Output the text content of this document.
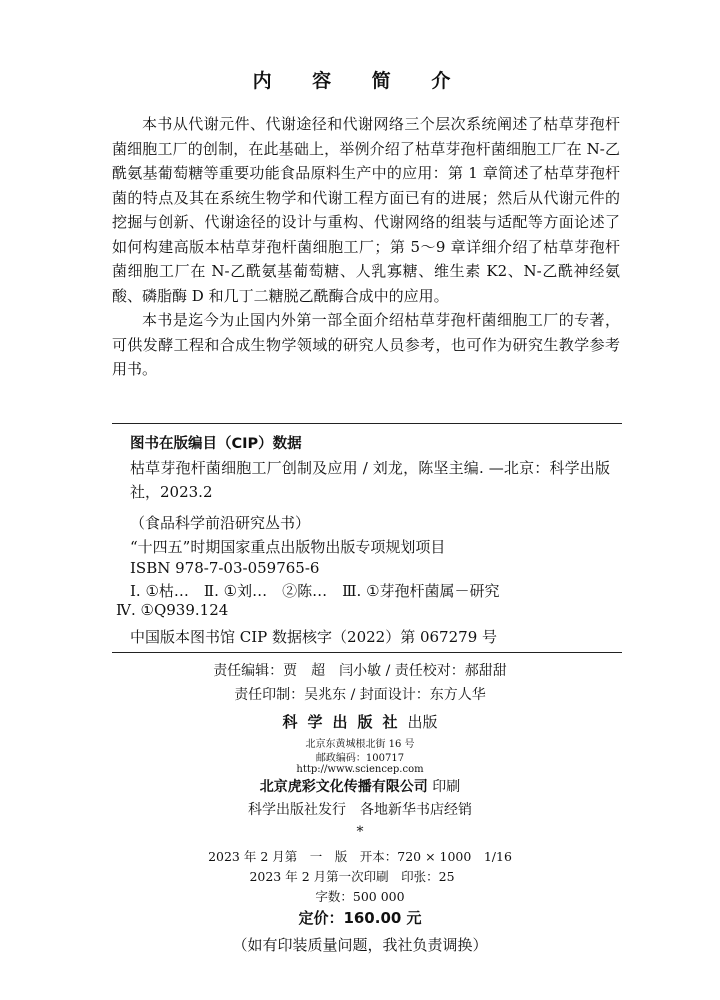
内 容 简 介

本书从代谢元件、代谢途径和代谢网络三个层次系统阐述了枯草芽孢杆菌细胞工厂的创制，在此基础上，举例介绍了枯草芽孢杆菌细胞工厂在 N-乙酰氨基葡萄糖等重要功能食品原料生产中的应用：第 1 章简述了枯草芽孢杆菌的特点及其在系统生物学和代谢工程方面已有的进展；然后从代谢元件的挖掘与创新、代谢途径的设计与重构、代谢网络的组装与适配等方面论述了如何构建高版本枯草芽孢杆菌细胞工厂；第 5～9 章详细介绍了枯草芽孢杆菌细胞工厂在 N-乙酰氨基葡萄糖、人乳寡糖、维生素 K2、N-乙酰神经氨酸、磷脂酶 D 和几丁二糖脱乙酰酶合成中的应用。

本书是迄今为止国内外第一部全面介绍枯草芽孢杆菌细胞工厂的专著，可供发酵工程和合成生物学领域的研究人员参考，也可作为研究生教学参考用书。

图书在版编目（CIP）数据
枯草芽孢杆菌细胞工厂创制及应用 / 刘龙，陈坚主编. —北京：科学出版社，2023.2
（食品科学前沿研究丛书）
“十四五”时期国家重点出版物出版专项规划项目
ISBN 978-7-03-059765-6
Ⅰ. ①枯…　Ⅱ. ①刘…　②陈…　Ⅲ. ①芽孢杆菌属－研究
Ⅳ. ①Q939.124
中国版本图书馆 CIP 数据核字（2022）第 067279 号
责任编辑：贾　超　闫小敏 / 责任校对：郝甜甜
责任印制：吴兆东 / 封面设计：东方人华
科学出版社出版
北京东黄城根北街 16 号
邮政编码：100717
http://www.sciencep.com
北京虎彩文化传播有限公司 印刷
科学出版社发行　各地新华书店经销
*
2023 年 2 月第　一　版　开本：720 × 1000　1/16
2023 年 2 月第一次印刷　印张：25
字数：500 000
定价：160.00 元
（如有印装质量问题，我社负责调换）
